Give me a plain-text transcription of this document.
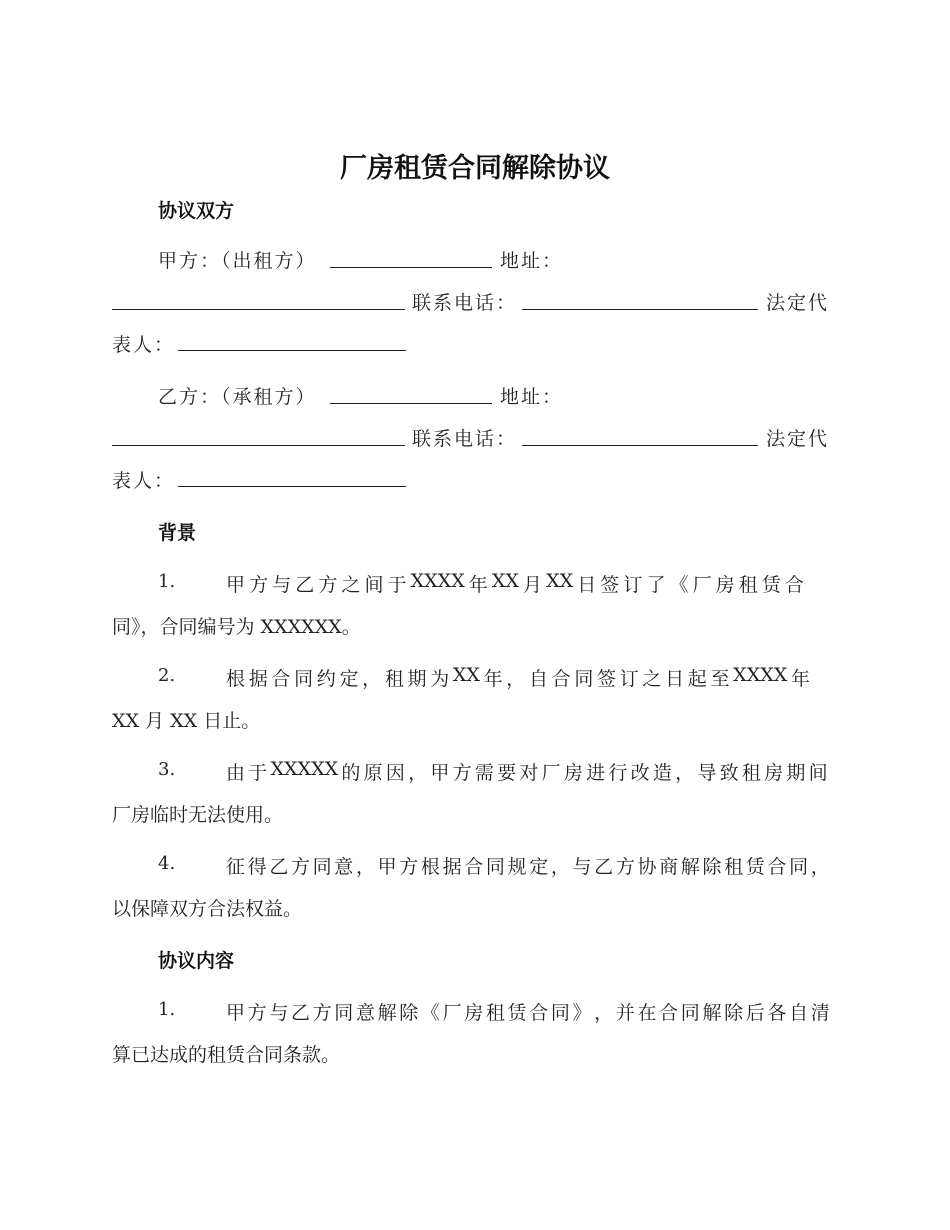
厂房租赁合同解除协议
协议双方
甲方：（出租方）	地址：
联系电话：	法定代
表人：
乙方：（承租方）	地址：
联系电话：	法定代
表人：
背景
1.	甲 方 与 乙 方 之 间 于 XXXX 年 XX 月 XX 日 签 订 了 《 厂 房 租 赁 合
同》，合同编号为 XXXXXX。
2.	根 据 合 同 约 定 ， 租 期 为 XX 年 ， 自 合 同 签 订 之 日 起 至 XXXX 年
XX 月 XX 日止。
3.	由 于 XXXXX 的 原 因 ， 甲 方 需 要 对 厂 房 进 行 改 造 ， 导 致 租 房 期 间
厂房临时无法使用。
4.	征 得 乙 方 同 意 ， 甲 方 根 据 合 同 规 定 ， 与 乙 方 协 商 解 除 租 赁 合 同 ，
以保障双方合法权益。
协议内容
1.	甲 方 与 乙 方 同 意 解 除 《 厂 房 租 赁 合 同 》 ， 并 在 合 同 解 除 后 各 自 清
算已达成的租赁合同条款。
